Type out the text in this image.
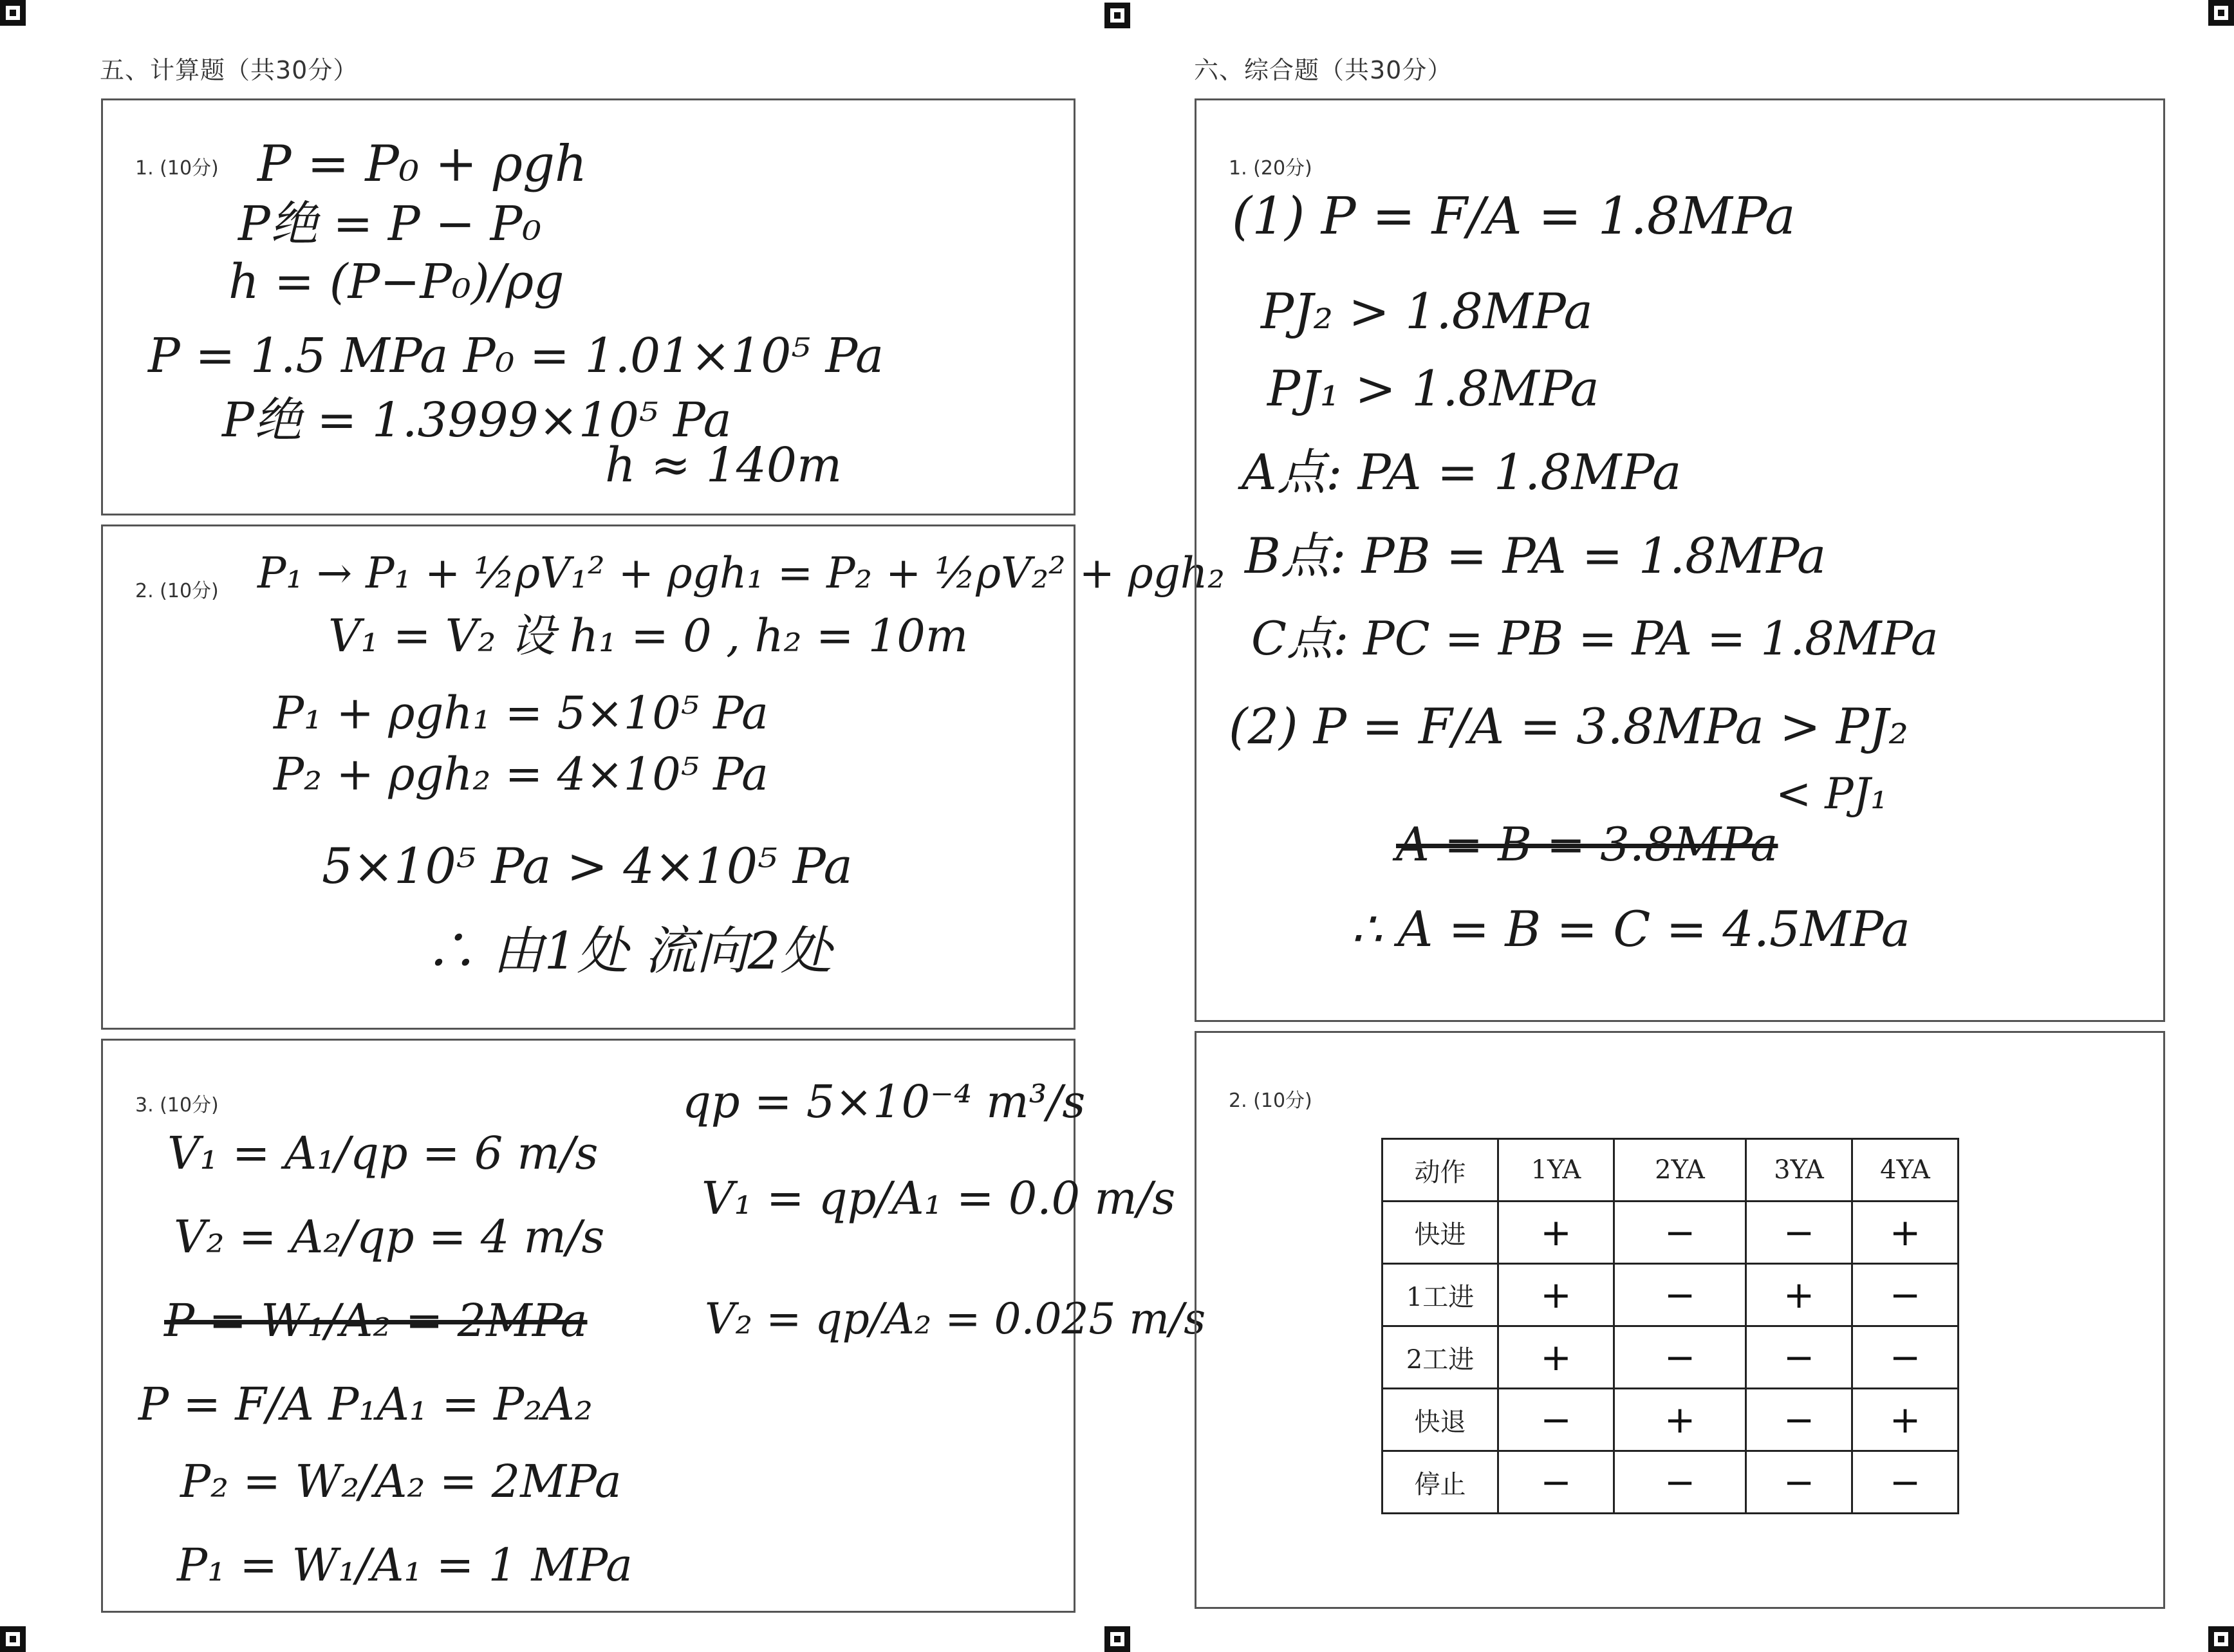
五、计算题（共30分）	六、综合题（共30分）
1. (10分) P = P₀ + ρgh
P绝 = P − P₀
h = (P−P₀)/ρg
P = 1.5 MPa P₀ = 1.01×10⁵ Pa
P绝 = 1.3999×10⁵ Pa
h ≈ 140m
2. (10分) P₁ → P₁ + ½ρV₁² + ρgh₁ = P₂ + ½ρV₂² + ρgh₂
V₁ = V₂ 设 h₁ = 0 , h₂ = 10m
P₁ + ρgh₁ = 5×10⁵ Pa
P₂ + ρgh₂ = 4×10⁵ Pa
5×10⁵ Pa > 4×10⁵ Pa
∴ 由1处 流向2处
3. (10分)
V₁ = A₁/qp = 6 m/s
V₂ = A₂/qp = 4 m/s
P = W₁/A₂ = 2MPa
P = F/A P₁A₁ = P₂A₂
P₂ = W₂/A₂ = 2MPa
P₁ = W₁/A₁ = 1 MPa
qp = 5×10⁻⁴ m³/s
V₁ = qp/A₁ = 0.0 m/s
V₂ = qp/A₂ = 0.025 m/s
1. (20分)
(1) P = F/A = 1.8MPa
PJ₂ > 1.8MPa
PJ₁ > 1.8MPa
A点: PA = 1.8MPa
B点: PB = PA = 1.8MPa
C点: PC = PB = PA = 1.8MPa
(2) P = F/A = 3.8MPa > PJ₂
< PJ₁
A = B = 3.8MPa
∴ A = B = C = 4.5MPa
2. (10分)
动作	1YA	2YA	3YA	4YA
快进	+	−	−	+
1工进	+	−	+	−
2工进	+	−	−	−
快退	−	+	−	+
停止	−	−	−	−
